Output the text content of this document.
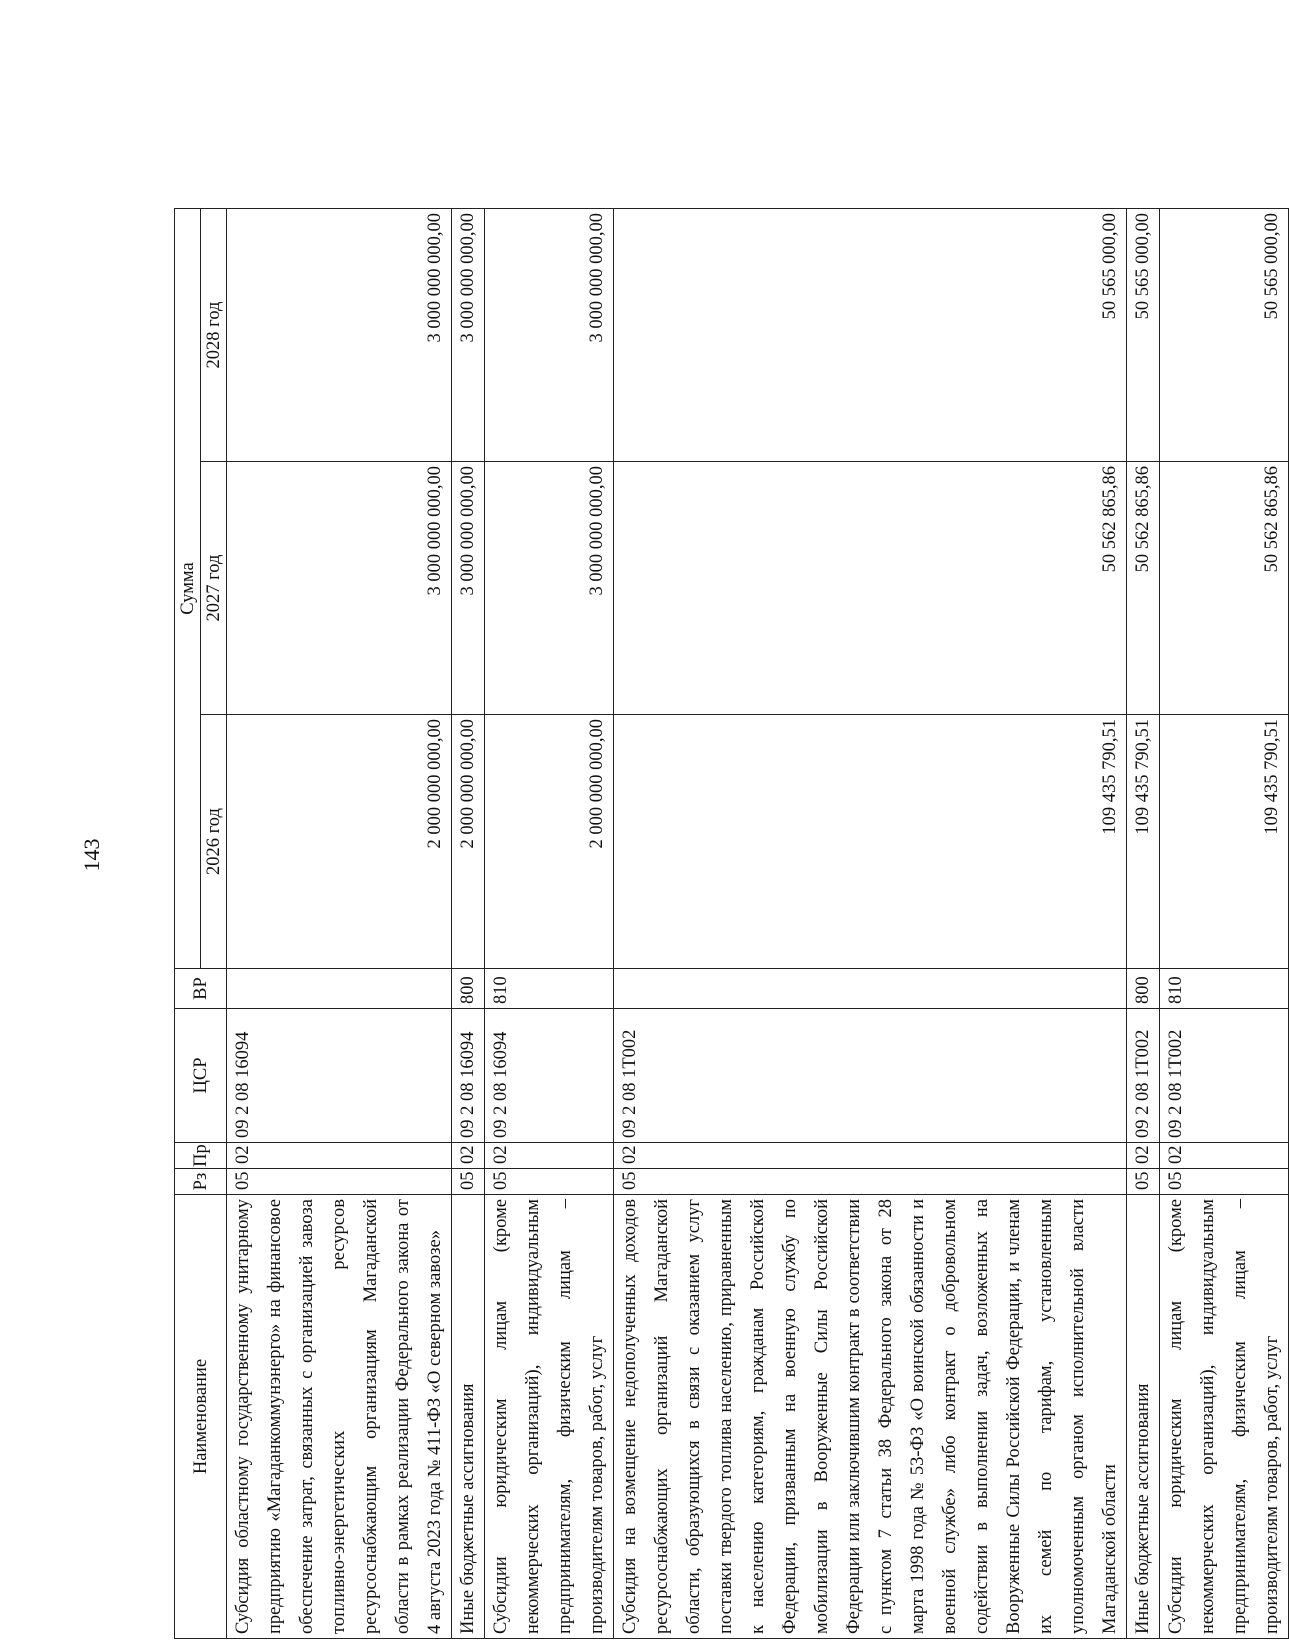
143
Наименование	Рз	Пр	ЦСР	ВР	Сумма		
					2026 год	2027 год	2028 год
Субсидия областному государственному унитарному предприятию «Магаданкоммунэнерго» на финансовое обеспечение затрат, связанных с организацией завоза топливно-энергетических ресурсов ресурсоснабжающим организациям Магаданской области в рамках реализации Федерального закона от 4 августа 2023 года № 411-ФЗ «О северном завозе»	05	02	09 2 08 16094		2 000 000 000,00	3 000 000 000,00	3 000 000 000,00
Иные бюджетные ассигнования	05	02	09 2 08 16094	800	2 000 000 000,00	3 000 000 000,00	3 000 000 000,00
Субсидии юридическим лицам (кроме некоммерческих организаций), индивидуальным предпринимателям, физическим лицам – производителям товаров, работ, услуг	05	02	09 2 08 16094	810	2 000 000 000,00	3 000 000 000,00	3 000 000 000,00
Субсидия на возмещение недополученных доходов ресурсоснабжающих организаций Магаданской области, образующихся в связи с оказанием услуг поставки твердого топлива населению, приравненным к населению категориям, гражданам Российской Федерации, призванным на военную службу по мобилизации в Вооруженные Силы Российской Федерации или заключившим контракт в соответствии с пунктом 7 статьи 38 Федерального закона от 28 марта 1998 года № 53-ФЗ «О воинской обязанности и военной службе» либо контракт о добровольном содействии в выполнении задач, возложенных на Вооруженные Силы Российской Федерации, и членам их семей по тарифам, установленным уполномоченным органом исполнительной власти Магаданской области	05	02	09 2 08 1Т002		109 435 790,51	50 562 865,86	50 565 000,00
Иные бюджетные ассигнования	05	02	09 2 08 1Т002	800	109 435 790,51	50 562 865,86	50 565 000,00
Субсидии юридическим лицам (кроме некоммерческих организаций), индивидуальным предпринимателям, физическим лицам – производителям товаров, работ, услуг	05	02	09 2 08 1Т002	810	109 435 790,51	50 562 865,86	50 565 000,00
